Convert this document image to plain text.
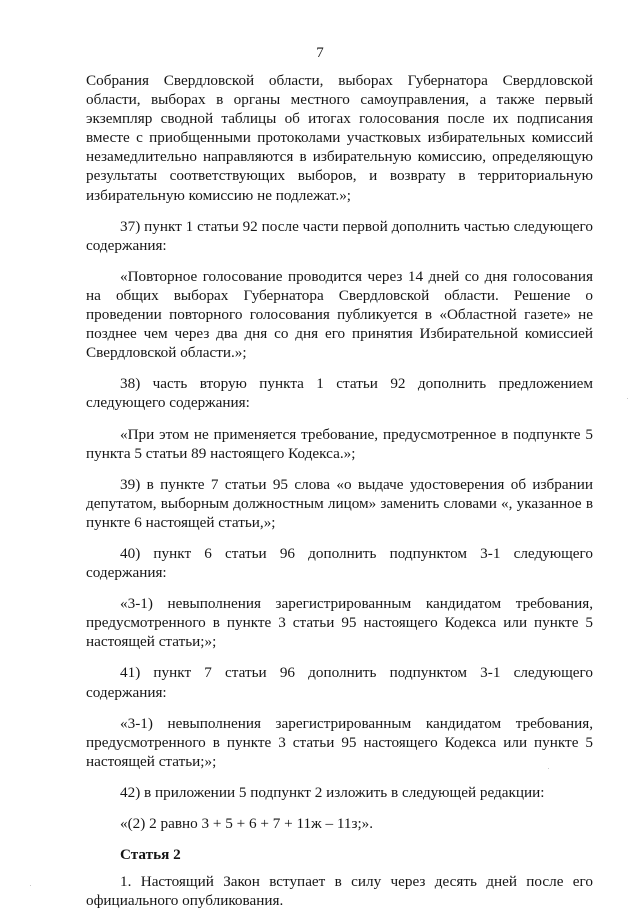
7

Собрания Свердловской области, выборах Губернатора Свердловской области, выборах в органы местного самоуправления, а также первый экземпляр сводной таблицы об итогах голосования после их подписания вместе с приобщенными протоколами участковых избирательных комиссий незамедлительно направляются в избирательную комиссию, определяющую результаты соответствующих выборов, и возврату в территориальную избирательную комиссию не подлежат.»;

37) пункт 1 статьи 92 после части первой дополнить частью следующего содержания:

«Повторное голосование проводится через 14 дней со дня голосования на общих выборах Губернатора Свердловской области. Решение о проведении повторного голосования публикуется в «Областной газете» не позднее чем через два дня со дня его принятия Избирательной комиссией Свердловской области.»;

38) часть вторую пункта 1 статьи 92 дополнить предложением следующего содержания:

«При этом не применяется требование, предусмотренное в подпункте 5 пункта 5 статьи 89 настоящего Кодекса.»;

39) в пункте 7 статьи 95 слова «о выдаче удостоверения об избрании депутатом, выборным должностным лицом» заменить словами «, указанное в пункте 6 настоящей статьи,»;

40) пункт 6 статьи 96 дополнить подпунктом 3-1 следующего содержания:

«3-1) невыполнения зарегистрированным кандидатом требования, предусмотренного в пункте 3 статьи 95 настоящего Кодекса или пункте 5 настоящей статьи;»;

41) пункт 7 статьи 96 дополнить подпунктом 3-1 следующего содержания:

«3-1) невыполнения зарегистрированным кандидатом требования, предусмотренного в пункте 3 статьи 95 настоящего Кодекса или пункте 5 настоящей статьи;»;

42) в приложении 5 подпункт 2 изложить в следующей редакции:

«(2) 2 равно 3 + 5 + 6 + 7 + 11ж – 11з;».

Статья 2

1. Настоящий Закон вступает в силу через десять дней после его официального опубликования.
